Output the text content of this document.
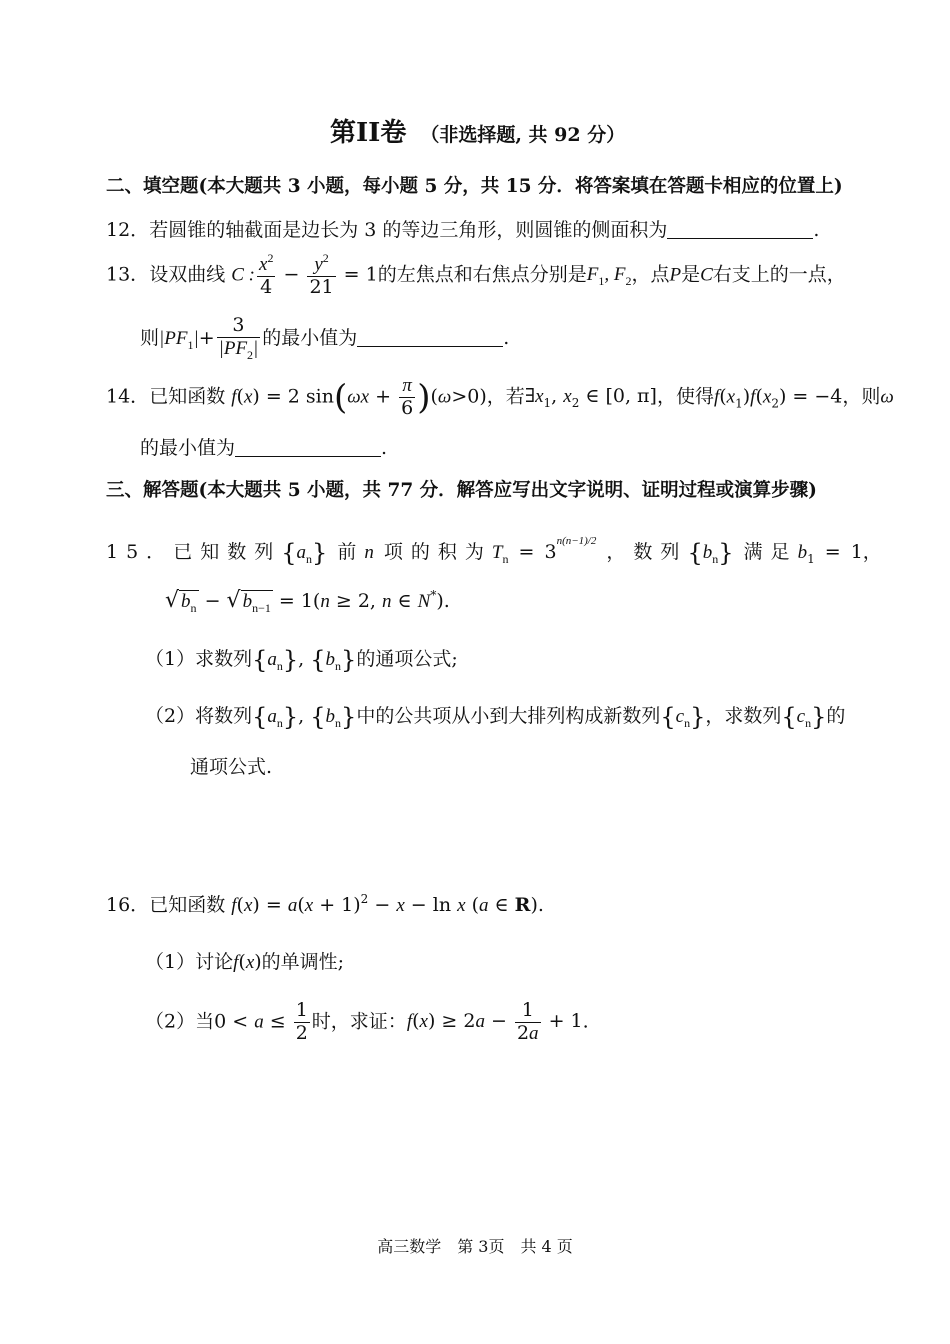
第II卷 （非选择题, 共 92 分）
二、填空题(本大题共 3 小题，每小题 5 分，共 15 分．将答案填在答题卡相应的位置上)
12．若圆锥的轴截面是边长为 3 的等边三角形，则圆锥的侧面积为	.
13．设双曲线 C : $\frac{x^2}{4} - \frac{y^2}{21} = 1$的左焦点和右焦点分别是$F_1$, $F_2$，点P是C右支上的一点，
则$|PF_1|+ \frac{3}{|PF_2|}$ 的最小值为	.
14．已知函数 f(x) = 2 $\sin(\omega x + \frac{\pi}{6} )(\omega>0)$，若$\exists x_1$, $x_2$ ∈ [0, π]，使得$f(x_1)f(x_2) = -4$，则ω
的最小值为	.
三、解答题(本大题共 5 小题，共 77 分．解答应写出文字说明、证明过程或演算步骤)
15．已知数列$\{a_n\}$ 前n 项的积为$T_n = 3^{n(n-1)/2}$ ，数列$\{b_n\}$ 满足$b_1 = 1$，
√ $b_n$ − √ $b_{n-1} = 1(n \ge 2$, n ∈ N*).
（1）求数列$\{a_n\}$, $\{b_n\}$的通项公式;
（2）将数列$\{a_n\}$, $\{b_n\}$中的公共项从小到大排列构成新数列$\{c_n\}$，求数列$\{c_n\}$的
通项公式.
16．已知函数 $f(x) = a(x + 1)^2 - x - \ln x$ (a ∈ R).
（1）讨论f(x)的单调性;
（2）当$0 < a \le \frac{1}{2}$ 时，求证：$f(x) \ge 2a - \frac{1}{2a} + 1$.
高三数学　第 3页　共 4 页
